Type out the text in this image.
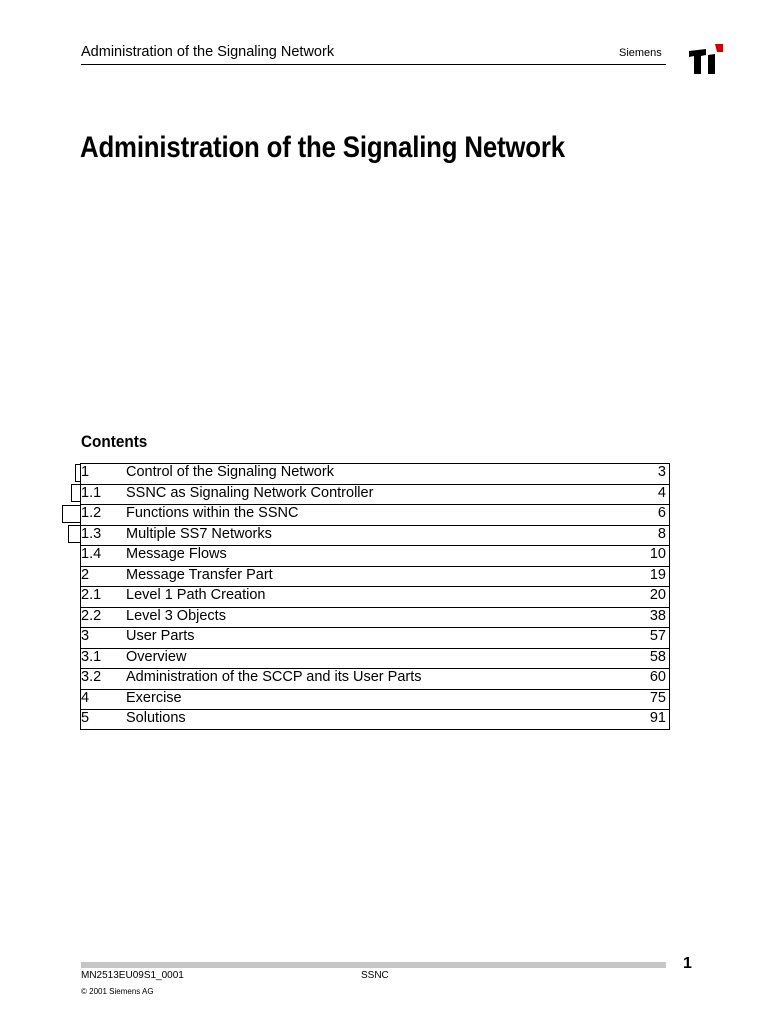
Administration of the Signaling Network	Siemens
Administration of the Signaling Network
Contents
1	Control of the Signaling Network	3
1.1 SSNC as Signaling Network Controller	4
1.2 Functions within the SSNC	6
1.3 Multiple SS7 Networks	8
1.4 Message Flows	10
2	Message Transfer Part	19
2.1 Level 1 Path Creation	20
2.2 Level 3 Objects	38
3	User Parts	57
3.1 Overview	58
3.2 Administration of the SCCP and its User Parts	60
4	Exercise	75
5	Solutions	91
1
MN2513EU09S1_0001	SSNC
© 2001 Siemens AG
